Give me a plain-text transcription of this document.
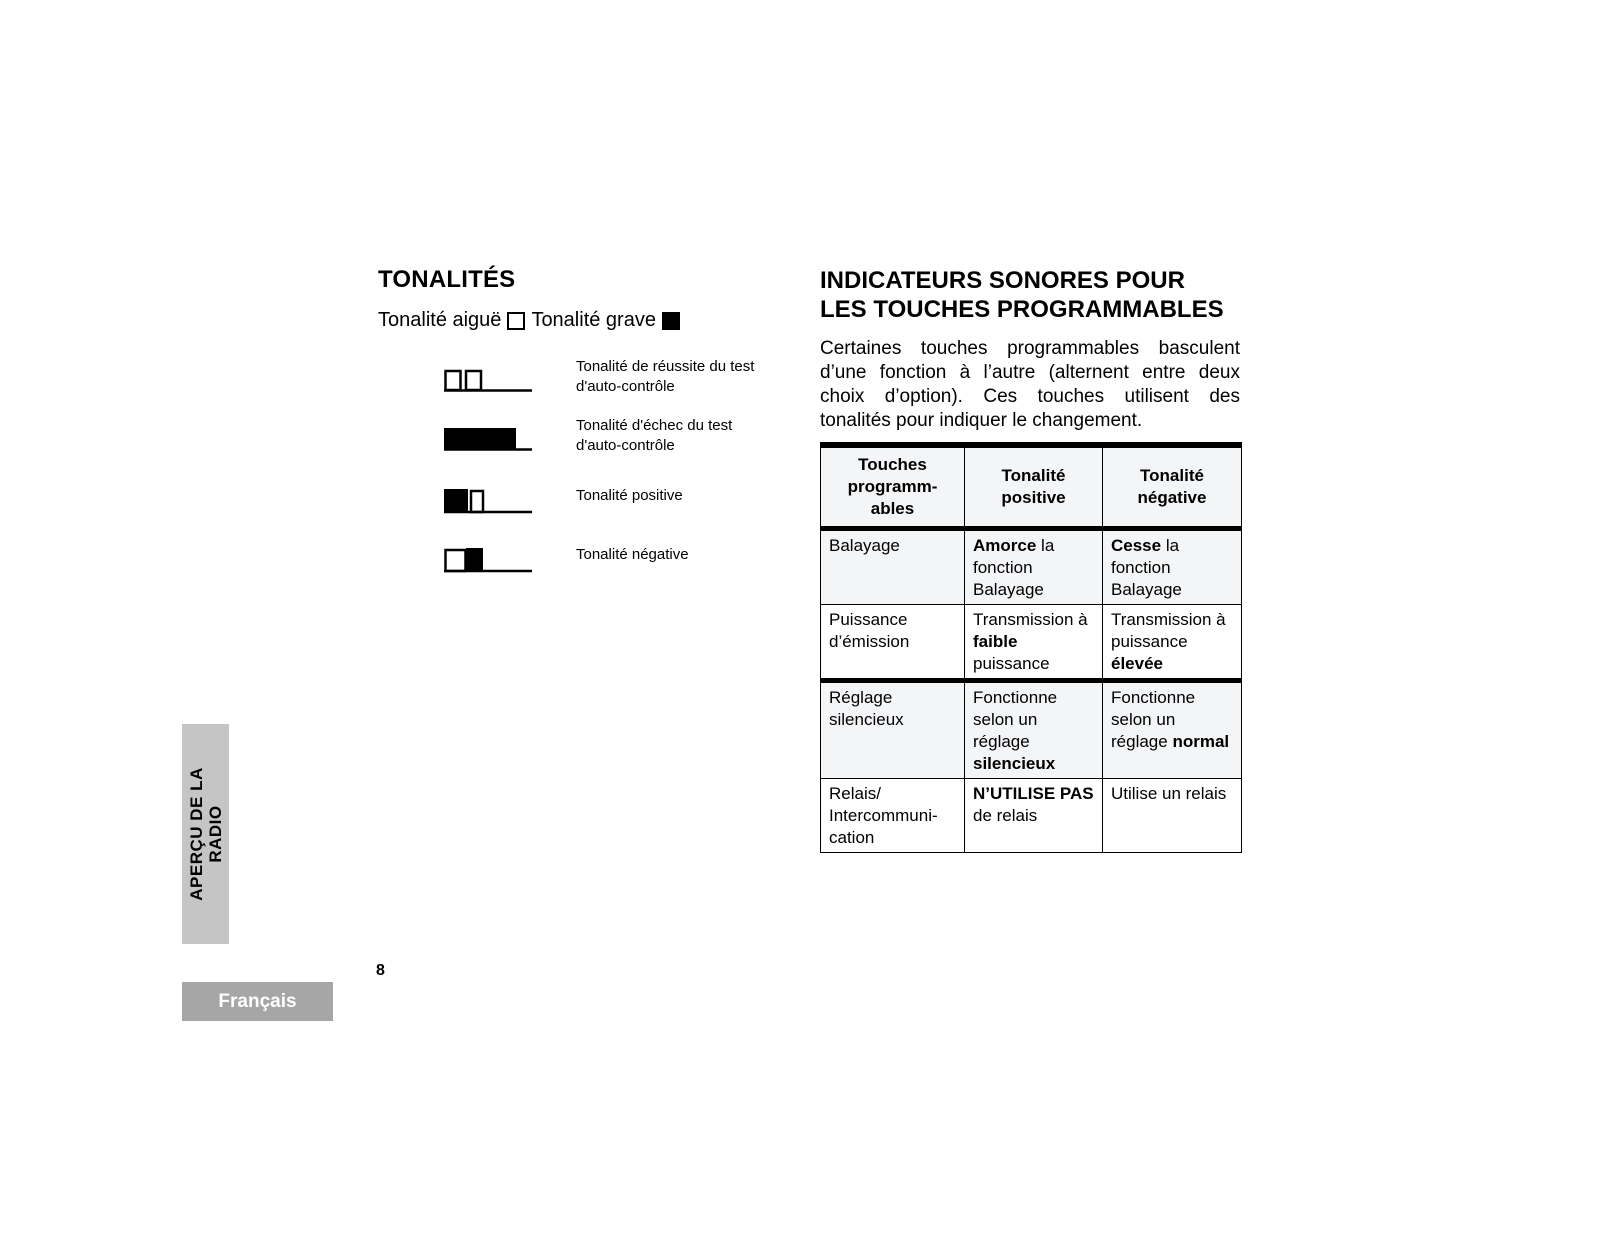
TONALITÉS
Tonalité aiguë Tonalité grave
Tonalité de réussite du test d'auto-contrôle
Tonalité d'échec du test d'auto-contrôle
Tonalité positive
Tonalité négative
INDICATEURS SONORES POUR
LES TOUCHES PROGRAMMABLES

Certaines touches programmables basculent d’une fonction à l’autre (alternent entre deux choix d’option). Ces touches utilisent des tonalités pour indiquer le changement.

Touches programm-ables	Tonalité positive	Tonalité négative
Balayage	Amorce la fonction Balayage	Cesse la fonction Balayage
Puissance d’émission	Transmission à faible puissance	Transmission à puissance élevée
Réglage silencieux	Fonctionne selon un réglage silencieux	Fonctionne selon un réglage normal
Relais/ Intercommuni-cation	N’UTILISE PAS de relais	Utilise un relais
APERÇU DE LA
RADIO
8
Français
